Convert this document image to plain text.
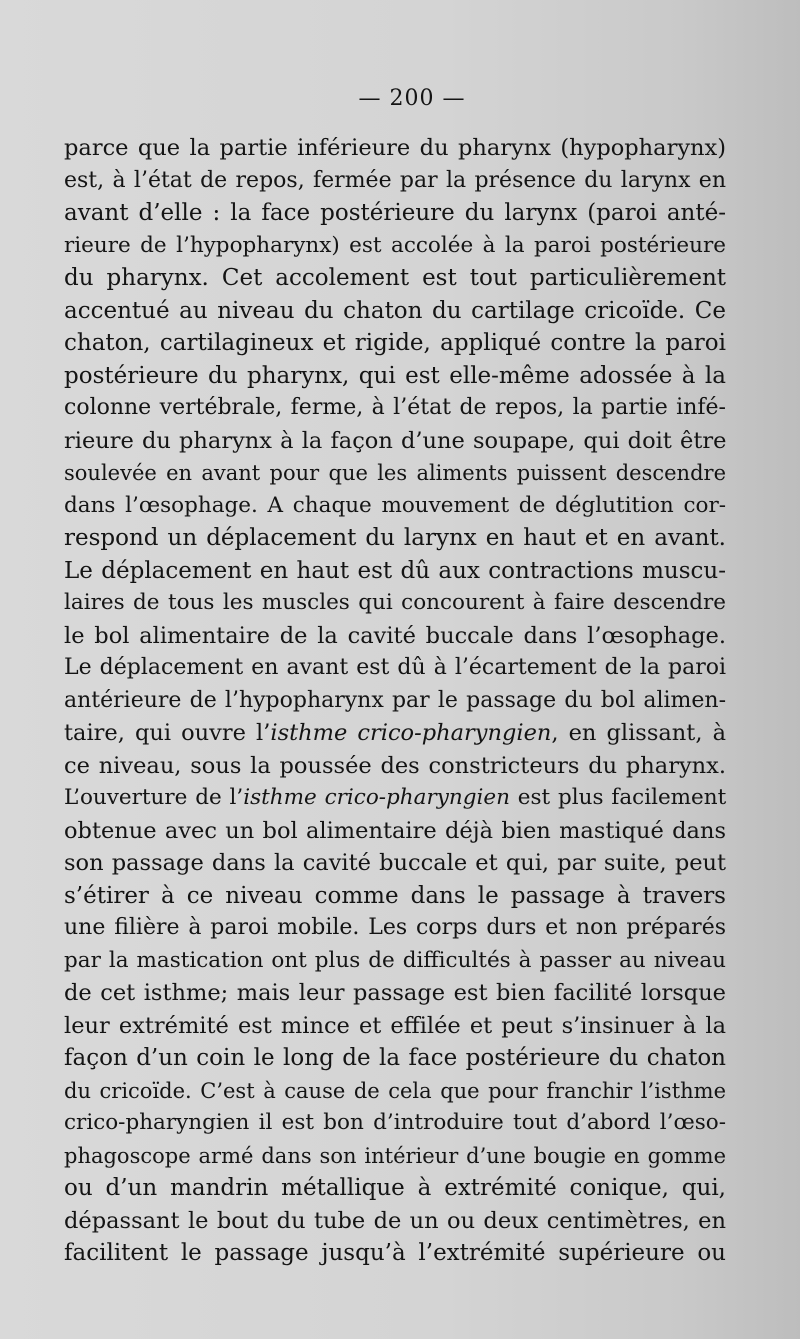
— 200 —
parce que la partie inférieure du pharynx (hypopharynx)
est, à l’état de repos, fermée par la présence du larynx en
avant d’elle : la face postérieure du larynx (paroi anté-
rieure de l’hypopharynx) est accolée à la paroi postérieure
du pharynx. Cet accolement est tout particulièrement
accentué au niveau du chaton du cartilage cricoïde. Ce
chaton, cartilagineux et rigide, appliqué contre la paroi
postérieure du pharynx, qui est elle-même adossée à la
colonne vertébrale, ferme, à l’état de repos, la partie infé-
rieure du pharynx à la façon d’une soupape, qui doit être
soulevée en avant pour que les aliments puissent descendre
dans l’œsophage. A chaque mouvement de déglutition cor-
respond un déplacement du larynx en haut et en avant.
Le déplacement en haut est dû aux contractions muscu-
laires de tous les muscles qui concourent à faire descendre
le bol alimentaire de la cavité buccale dans l’œsophage.
Le déplacement en avant est dû à l’écartement de la paroi
antérieure de l’hypopharynx par le passage du bol alimen-
taire, qui ouvre l’isthme crico-pharyngien, en glissant, à
ce niveau, sous la poussée des constricteurs du pharynx.
L’ouverture de l’isthme crico-pharyngien est plus facilement
obtenue avec un bol alimentaire déjà bien mastiqué dans
son passage dans la cavité buccale et qui, par suite, peut
s’étirer à ce niveau comme dans le passage à travers
une filière à paroi mobile. Les corps durs et non préparés
par la mastication ont plus de difficultés à passer au niveau
de cet isthme; mais leur passage est bien facilité lorsque
leur extrémité est mince et effilée et peut s’insinuer à la
façon d’un coin le long de la face postérieure du chaton
du cricoïde. C’est à cause de cela que pour franchir l’isthme
crico-pharyngien il est bon d’introduire tout d’abord l’œso-
phagoscope armé dans son intérieur d’une bougie en gomme
ou d’un mandrin métallique à extrémité conique, qui,
dépassant le bout du tube de un ou deux centimètres, en
facilitent le passage jusqu’à l’extrémité supérieure ou
